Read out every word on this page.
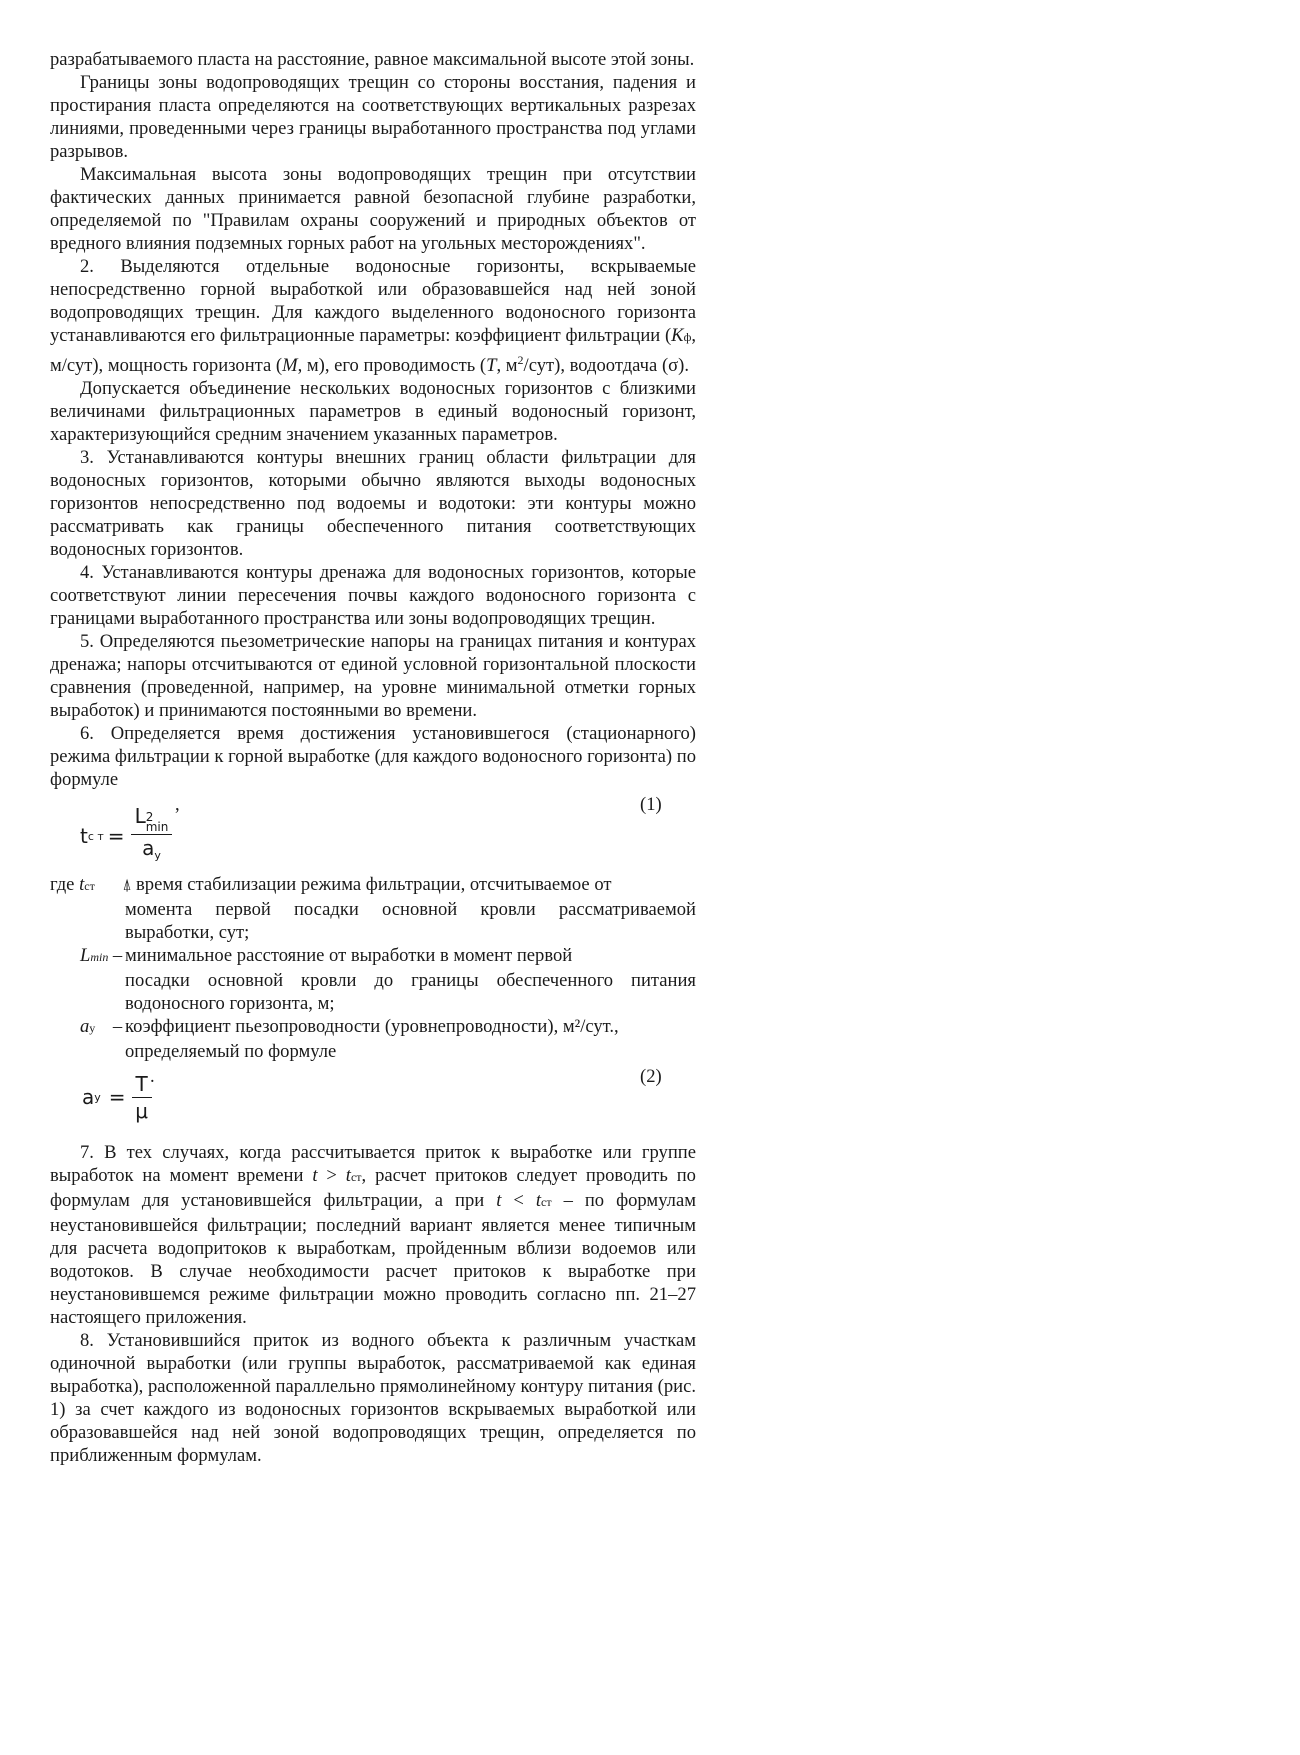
разрабатываемого пласта на расстояние, равное максимальной высоте этой зоны.

Границы зоны водопроводящих трещин со стороны восстания, падения и простирания пласта определяются на соответствующих вертикальных разрезах линиями, проведенными через границы выработанного пространства под углами разрывов.

Максимальная высота зоны водопроводящих трещин при отсутствии фактических данных принимается равной безопасной глубине разработки, определяемой по "Правилам охраны сооружений и природных объектов от вредного влияния подземных горных работ на угольных месторождениях".

2. Выделяются отдельные водоносные горизонты, вскрываемые непосредственно горной выработкой или образовавшейся над ней зоной водопроводящих трещин. Для каждого выделенного водоносного горизонта устанавливаются его фильтрационные параметры: коэффициент фильтрации (Kф, м/сут), мощность горизонта (M, м), его проводимость (T, $м^2/сут$), водоотдача (σ).

Допускается объединение нескольких водоносных горизонтов с близкими величинами фильтрационных параметров в единый водоносный горизонт, характеризующийся средним значением указанных параметров.

3. Устанавливаются контуры внешних границ области фильтрации для водоносных горизонтов, которыми обычно являются выходы водоносных горизонтов непосредственно под водоемы и водотоки: эти контуры можно рассматривать как границы обеспеченного питания соответствующих водоносных горизонтов.

4. Устанавливаются контуры дренажа для водоносных горизонтов, которые соответствуют линии пересечения почвы каждого водоносного горизонта с границами выработанного пространства или зоны водопроводящих трещин.

5. Определяются пьезометрические напоры на границах питания и контурах дренажа; напоры отсчитываются от единой условной горизонтальной плоскости сравнения (проведенной, например, на уровне минимальной отметки горных выработок) и принимаются постоянными во времени.

6. Определяется время достижения установившегося (стационарного) режима фильтрации к горной выработке (для каждого водоносного горизонта) по формуле

,	(1)
t с т = L 2
min
$a_y$
где tст	⍋ время стабилизации режима фильтрации, отсчитываемое от
момента первой посадки основной кровли рассматриваемой выработки, сут;
Lmin – минимальное расстояние от выработки в момент первой
посадки основной кровли до границы обеспеченного питания водоносного горизонта, м;
aу – коэффициент пьезопроводности (уровнепроводности), м²/сут.,
определяемый по формуле
.	(2)
a $y = \frac{T}{\mu}$

7. В тех случаях, когда рассчитывается приток к выработке или группе выработок на момент времени t > tст, расчет притоков следует проводить по формулам для установившейся фильтрации, а при t < tст – по формулам неустановившейся фильтрации; последний вариант является менее типичным для расчета водопритоков к выработкам, пройденным вблизи водоемов или водотоков. В случае необходимости расчет притоков к выработке при неустановившемся режиме фильтрации можно проводить согласно пп. 21–27 настоящего приложения.

8. Установившийся приток из водного объекта к различным участкам одиночной выработки (или группы выработок, рассматриваемой как единая выработка), расположенной параллельно прямолинейному контуру питания (рис. 1) за счет каждого из водоносных горизонтов вскрываемых выработкой или образовавшейся над ней зоной водопроводящих трещин, определяется по приближенным формулам.
